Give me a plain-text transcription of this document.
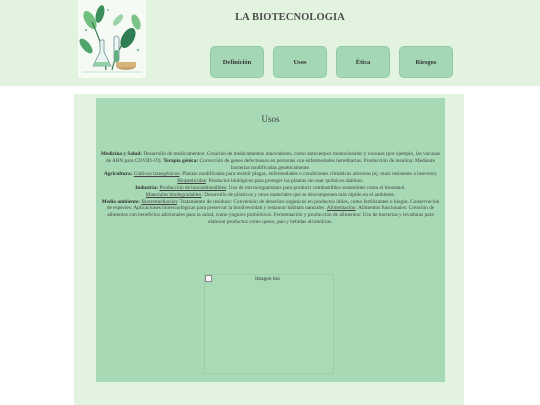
LA BIOTECNOLOGIA
Definición	Usos	Ética	Riesgos
Usos
Medicina y Salud: Desarrollo de medicamentos: Creación de medicamentos innovadores, como anticuerpos monoclonales y vacunas (por ejemplo, las vacunas de ARN para COVID-19). Terapia génica: Corrección de genes defectuosos en personas con enfermedades hereditarias. Producción de insulina: Mediante bacterias modificadas genéticamente.
Agricultura: Cultivos transgénicos: Plantas modificadas para resistir plagas, enfermedades o condiciones climáticas adversas (ej. maíz resistente a insectos).
Biopesticidas: Productos biológicos para proteger las plantas sin usar químicos dañinos.
Industria: Producción de biocombustibles: Uso de microorganismos para producir combustibles sostenibles como el bioetanol.
Materiales biodegradables: Desarrollo de plásticos y otros materiales que se descomponen más rápido en el ambiente.
Medio ambiente: Biorremediación: Tratamiento de residuos: Conversión de desechos orgánicos en productos útiles, como fertilizantes o biogás. Conservación de especies: Aplicaciones biotecnológicas para preservar la biodiversidad y restaurar hábitats naturales. Alimentación: Alimentos funcionales: Creación de alimentos con beneficios adicionales para la salud, como yogures probióticos. Fermentación y producción de alimentos: Uso de bacterias y levaduras para elaborar productos como queso, pan y bebidas alcohólicas.
Imagen bio
